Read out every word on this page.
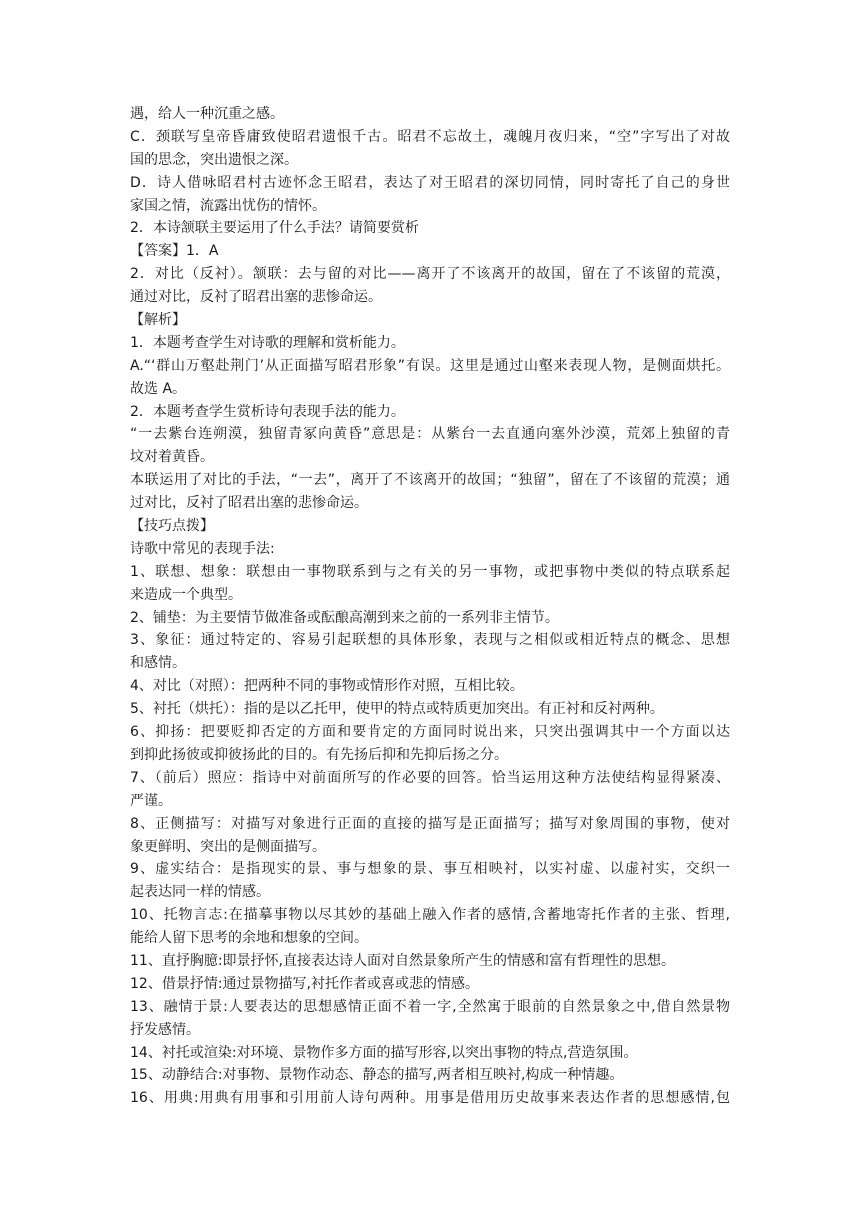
遇，给人一种沉重之感。
C．颈联写皇帝昏庸致使昭君遗恨千古。昭君不忘故土，魂魄月夜归来，“空”字写出了对故
国的思念，突出遗恨之深。
D．诗人借咏昭君村古迹怀念王昭君，表达了对王昭君的深切同情，同时寄托了自己的身世
家国之情，流露出忧伤的情怀。
2．本诗颔联主要运用了什么手法？请简要赏析
【答案】1．A
2．对比（反衬）。颔联：去与留的对比——离开了不该离开的故国，留在了不该留的荒漠，
通过对比，反衬了昭君出塞的悲惨命运。
【解析】
1．本题考查学生对诗歌的理解和赏析能力。
A.“‘群山万壑赴荆门’从正面描写昭君形象”有误。这里是通过山壑来表现人物，是侧面烘托。
故选 A。
2．本题考查学生赏析诗句表现手法的能力。
“一去紫台连朔漠，独留青冢向黄昏”意思是：从紫台一去直通向塞外沙漠，荒郊上独留的青
坟对着黄昏。
本联运用了对比的手法，“一去”，离开了不该离开的故国；“独留”，留在了不该留的荒漠；通
过对比，反衬了昭君出塞的悲惨命运。
【技巧点拨】
诗歌中常见的表现手法:
1、联想、想象：联想由一事物联系到与之有关的另一事物，或把事物中类似的特点联系起
来造成一个典型。
2、铺垫：为主要情节做准备或酝酿高潮到来之前的一系列非主情节。
3、象征：通过特定的、容易引起联想的具体形象，表现与之相似或相近特点的概念、思想
和感情。
4、对比（对照）：把两种不同的事物或情形作对照，互相比较。
5、衬托（烘托）：指的是以乙托甲，使甲的特点或特质更加突出。有正衬和反衬两种。
6、抑扬：把要贬抑否定的方面和要肯定的方面同时说出来，只突出强调其中一个方面以达
到抑此扬彼或抑彼扬此的目的。有先扬后抑和先抑后扬之分。
7、（前后）照应：指诗中对前面所写的作必要的回答。恰当运用这种方法使结构显得紧凑、
严谨。
8、正侧描写：对描写对象进行正面的直接的描写是正面描写；描写对象周围的事物，使对
象更鲜明、突出的是侧面描写。
9、虚实结合：是指现实的景、事与想象的景、事互相映衬，以实衬虚、以虚衬实，交织一
起表达同一样的情感。
10、托物言志:在描摹事物以尽其妙的基础上融入作者的感情,含蓄地寄托作者的主张、哲理,
能给人留下思考的余地和想象的空间。
11、直抒胸臆:即景抒怀,直接表达诗人面对自然景象所产生的情感和富有哲理性的思想。
12、借景抒情:通过景物描写,衬托作者或喜或悲的情感。
13、融情于景:人要表达的思想感情正面不着一字,全然寓于眼前的自然景象之中,借自然景物
抒发感情。
14、衬托或渲染:对环境、景物作多方面的描写形容,以突出事物的特点,营造氛围。
15、动静结合:对事物、景物作动态、静态的描写,两者相互映衬,构成一种情趣。
16、用典:用典有用事和引用前人诗句两种。用事是借用历史故事来表达作者的思想感情,包
